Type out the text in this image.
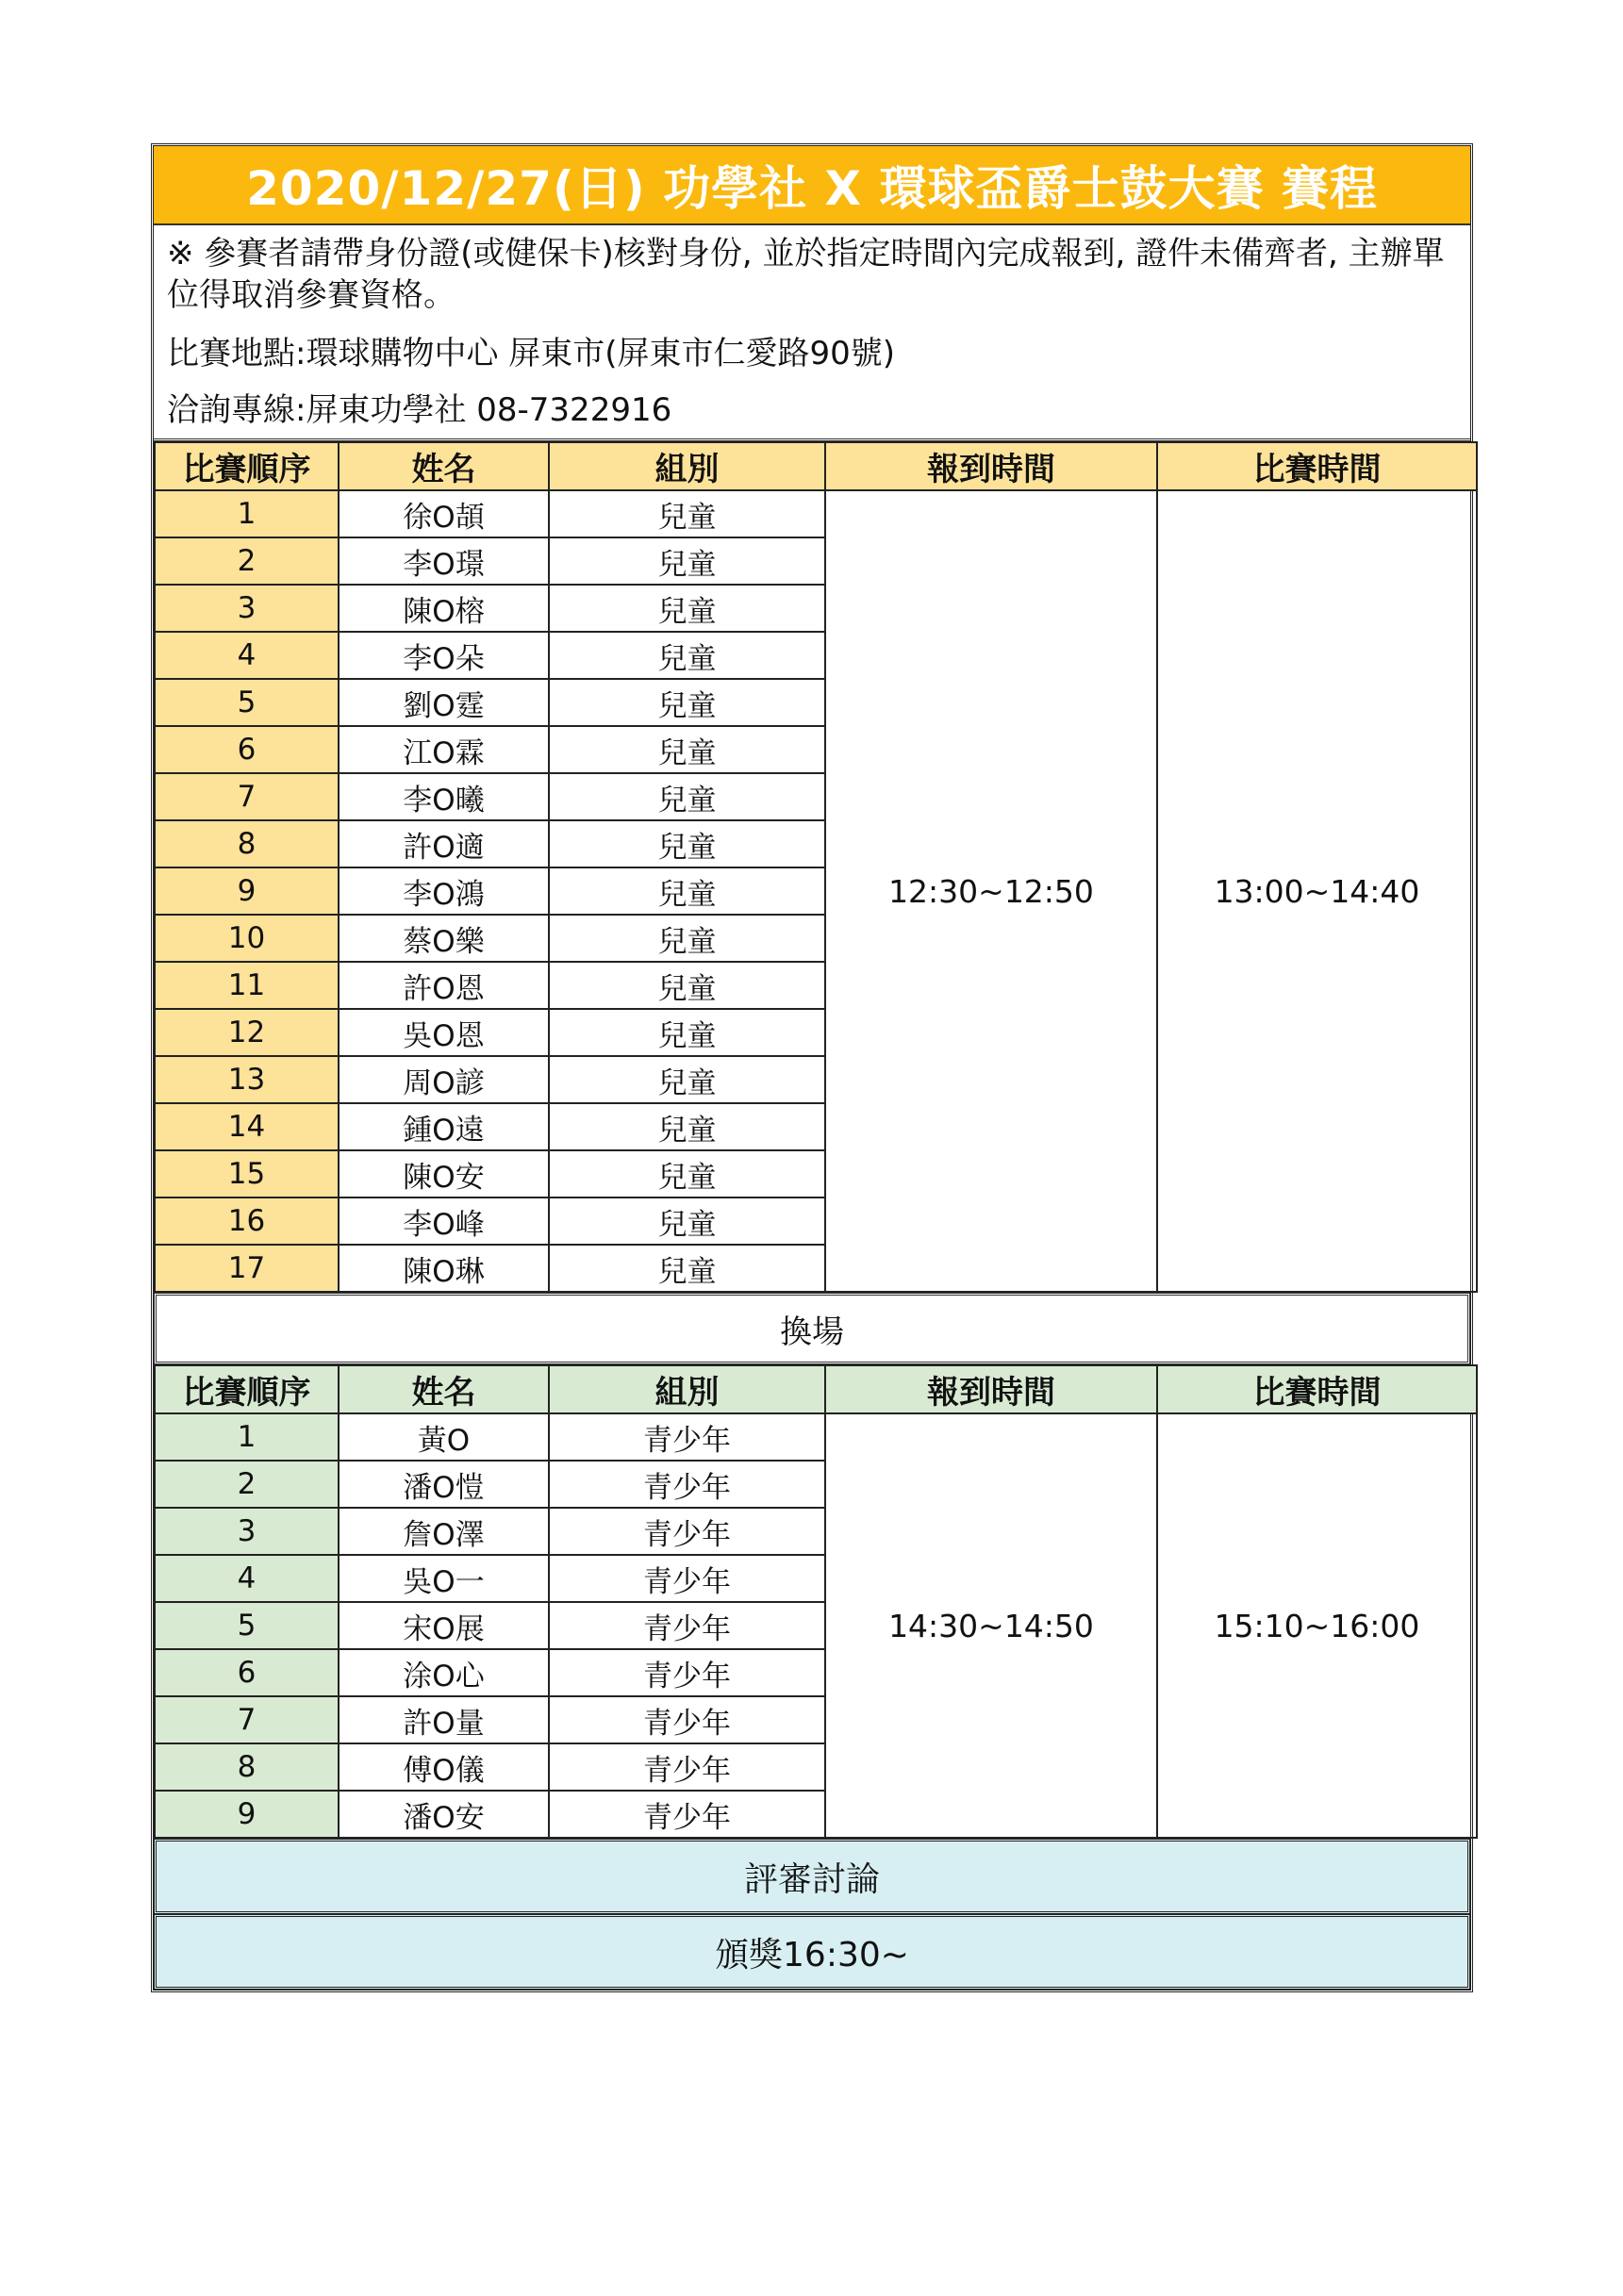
2020/12/27(日) 功學社 X 環球盃爵士鼓大賽 賽程

※ 參賽者請帶身份證(或健保卡)核對身份, 並於指定時間內完成報到, 證件未備齊者, 主辦單位得取消參賽資格。

比賽地點:環球購物中心 屏東市(屏東市仁愛路90號)

洽詢專線:屏東功學社 08-7322916

比賽順序	姓名	組別	報到時間	比賽時間
1	徐O頡	兒童	12:30~12:50	13:00~14:40
2	李O璟	兒童		
3	陳O榕	兒童		
4	李O朵	兒童		
5	劉O霆	兒童		
6	江O霖	兒童		
7	李O曦	兒童		
8	許O適	兒童		
9	李O鴻	兒童		
10	蔡O樂	兒童		
11	許O恩	兒童		
12	吳O恩	兒童		
13	周O諺	兒童		
14	鍾O遠	兒童		
15	陳O安	兒童		
16	李O峰	兒童		
17	陳O琳	兒童		
換場
比賽順序	姓名	組別	報到時間	比賽時間
1	黃O	青少年	14:30~14:50	15:10~16:00
2	潘O愷	青少年		
3	詹O澤	青少年		
4	吳O一	青少年		
5	宋O展	青少年		
6	涂O心	青少年		
7	許O量	青少年		
8	傅O儀	青少年		
9	潘O安	青少年		
評審討論
頒獎16:30~
